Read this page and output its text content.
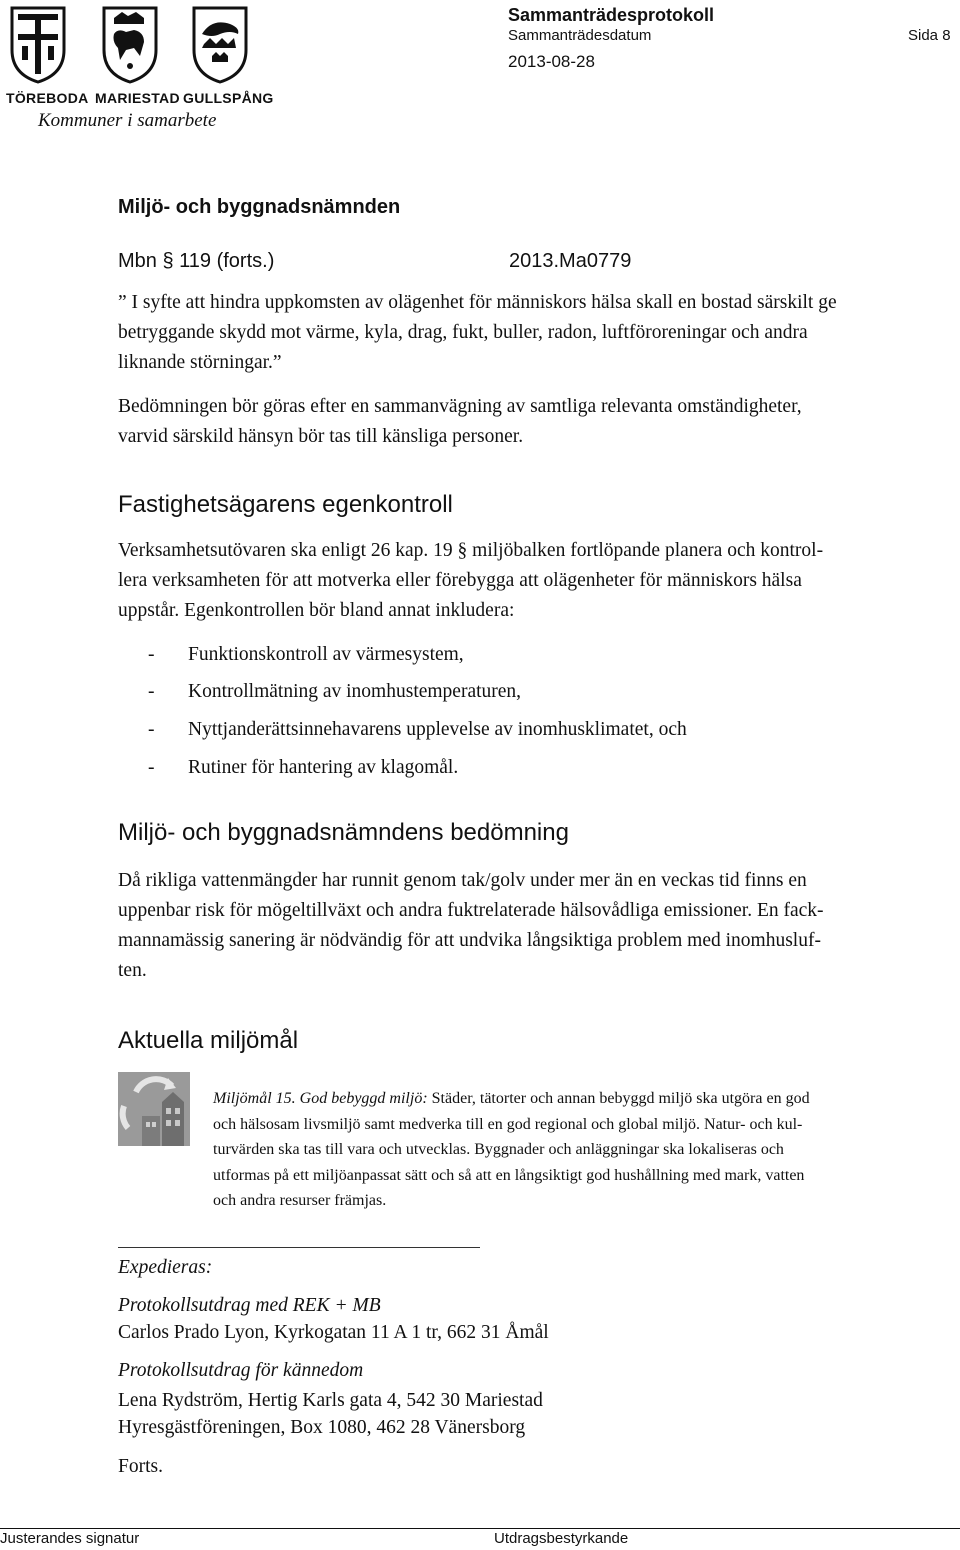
TÖREBODA MARIESTAD GULLSPÅNG
Kommuner i samarbete
Sammanträdesprotokoll
Sammanträdesdatum	Sida 8
2013-08-28
Miljö- och byggnadsnämnden
Mbn § 119 (forts.)	2013.Ma0779
” I syfte att hindra uppkomsten av olägenhet för människors hälsa skall en bostad särskilt ge
betryggande skydd mot värme, kyla, drag, fukt, buller, radon, luftföroreningar och andra
liknande störningar.”
Bedömningen bör göras efter en sammanvägning av samtliga relevanta omständigheter,
varvid särskild hänsyn bör tas till känsliga personer.
Fastighetsägarens egenkontroll
Verksamhetsutövaren ska enligt 26 kap. 19 § miljöbalken fortlöpande planera och kontrol-
lera verksamheten för att motverka eller förebygga att olägenheter för människors hälsa
uppstår. Egenkontrollen bör bland annat inkludera:
- Funktionskontroll av värmesystem,
- Kontrollmätning av inomhustemperaturen,
- Nyttjanderättsinnehavarens upplevelse av inomhusklimatet, och
- Rutiner för hantering av klagomål.
Miljö- och byggnadsnämndens bedömning
Då rikliga vattenmängder har runnit genom tak/golv under mer än en veckas tid finns en
uppenbar risk för mögeltillväxt och andra fuktrelaterade hälsovådliga emissioner. En fack-
mannamässig sanering är nödvändig för att undvika långsiktiga problem med inomhusluf-
ten.
Aktuella miljömål
Miljömål 15. God bebyggd miljö: Städer, tätorter och annan bebyggd miljö ska utgöra en god
och hälsosam livsmiljö samt medverka till en god regional och global miljö. Natur- och kul-
turvärden ska tas till vara och utvecklas. Byggnader och anläggningar ska lokaliseras och
utformas på ett miljöanpassat sätt och så att en långsiktigt god hushållning med mark, vatten
och andra resurser främjas.
Expedieras:
Protokollsutdrag med REK + MB
Carlos Prado Lyon, Kyrkogatan 11 A 1 tr, 662 31 Åmål
Protokollsutdrag för kännedom
Lena Rydström, Hertig Karls gata 4, 542 30 Mariestad
Hyresgästföreningen, Box 1080, 462 28 Vänersborg
Forts.
Justerandes signatur	Utdragsbestyrkande
